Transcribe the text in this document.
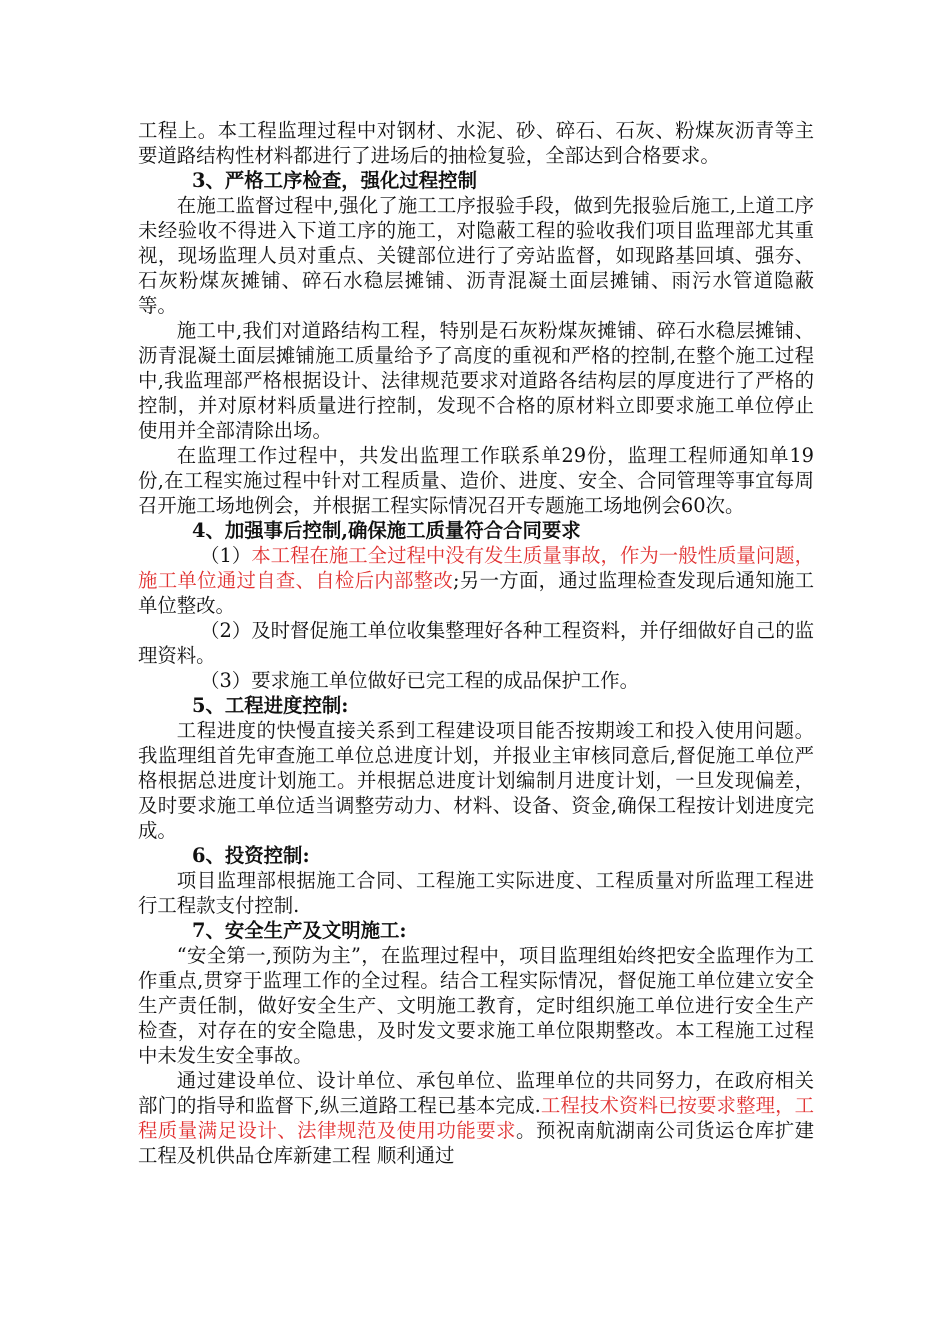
工程上。本工程监理过程中对钢材、水泥、砂、碎石、石灰、粉煤灰沥青等主要道路结构性材料都进行了进场后的抽检复验，全部达到合格要求。

3、严格工序检查，强化过程控制

在施工监督过程中,强化了施工工序报验手段，做到先报验后施工,上道工序未经验收不得进入下道工序的施工，对隐蔽工程的验收我们项目监理部尤其重视，现场监理人员对重点、关键部位进行了旁站监督，如现路基回填、强夯、石灰粉煤灰摊铺、碎石水稳层摊铺、沥青混凝土面层摊铺、雨污水管道隐蔽等。

施工中,我们对道路结构工程，特别是石灰粉煤灰摊铺、碎石水稳层摊铺、沥青混凝土面层摊铺施工质量给予了高度的重视和严格的控制,在整个施工过程中,我监理部严格根据设计、法律规范要求对道路各结构层的厚度进行了严格的控制，并对原材料质量进行控制，发现不合格的原材料立即要求施工单位停止使用并全部清除出场。

在监理工作过程中，共发出监理工作联系单29份，监理工程师通知单19份,在工程实施过程中针对工程质量、造价、进度、安全、合同管理等事宜每周召开施工场地例会，并根据工程实际情况召开专题施工场地例会60次。

4、加强事后控制,确保施工质量符合合同要求

（1）本工程在施工全过程中没有发生质量事故，作为一般性质量问题，施工单位通过自查、自检后内部整改;另一方面，通过监理检查发现后通知施工单位整改。

（2）及时督促施工单位收集整理好各种工程资料，并仔细做好自己的监理资料。

（3）要求施工单位做好已完工程的成品保护工作。

5、工程进度控制:

工程进度的快慢直接关系到工程建设项目能否按期竣工和投入使用问题。我监理组首先审查施工单位总进度计划，并报业主审核同意后,督促施工单位严格根据总进度计划施工。并根据总进度计划编制月进度计划，一旦发现偏差，及时要求施工单位适当调整劳动力、材料、设备、资金,确保工程按计划进度完成。

6、投资控制:

项目监理部根据施工合同、工程施工实际进度、工程质量对所监理工程进行工程款支付控制.

7、安全生产及文明施工:

“安全第一,预防为主”，在监理过程中，项目监理组始终把安全监理作为工作重点,贯穿于监理工作的全过程。结合工程实际情况，督促施工单位建立安全生产责任制，做好安全生产、文明施工教育，定时组织施工单位进行安全生产检查，对存在的安全隐患，及时发文要求施工单位限期整改。本工程施工过程中未发生安全事故。

通过建设单位、设计单位、承包单位、监理单位的共同努力，在政府相关部门的指导和监督下,纵三道路工程已基本完成.工程技术资料已按要求整理，工程质量满足设计、法律规范及使用功能要求。预祝南航湖南公司货运仓库扩建工程及机供品仓库新建工程 顺利通过
